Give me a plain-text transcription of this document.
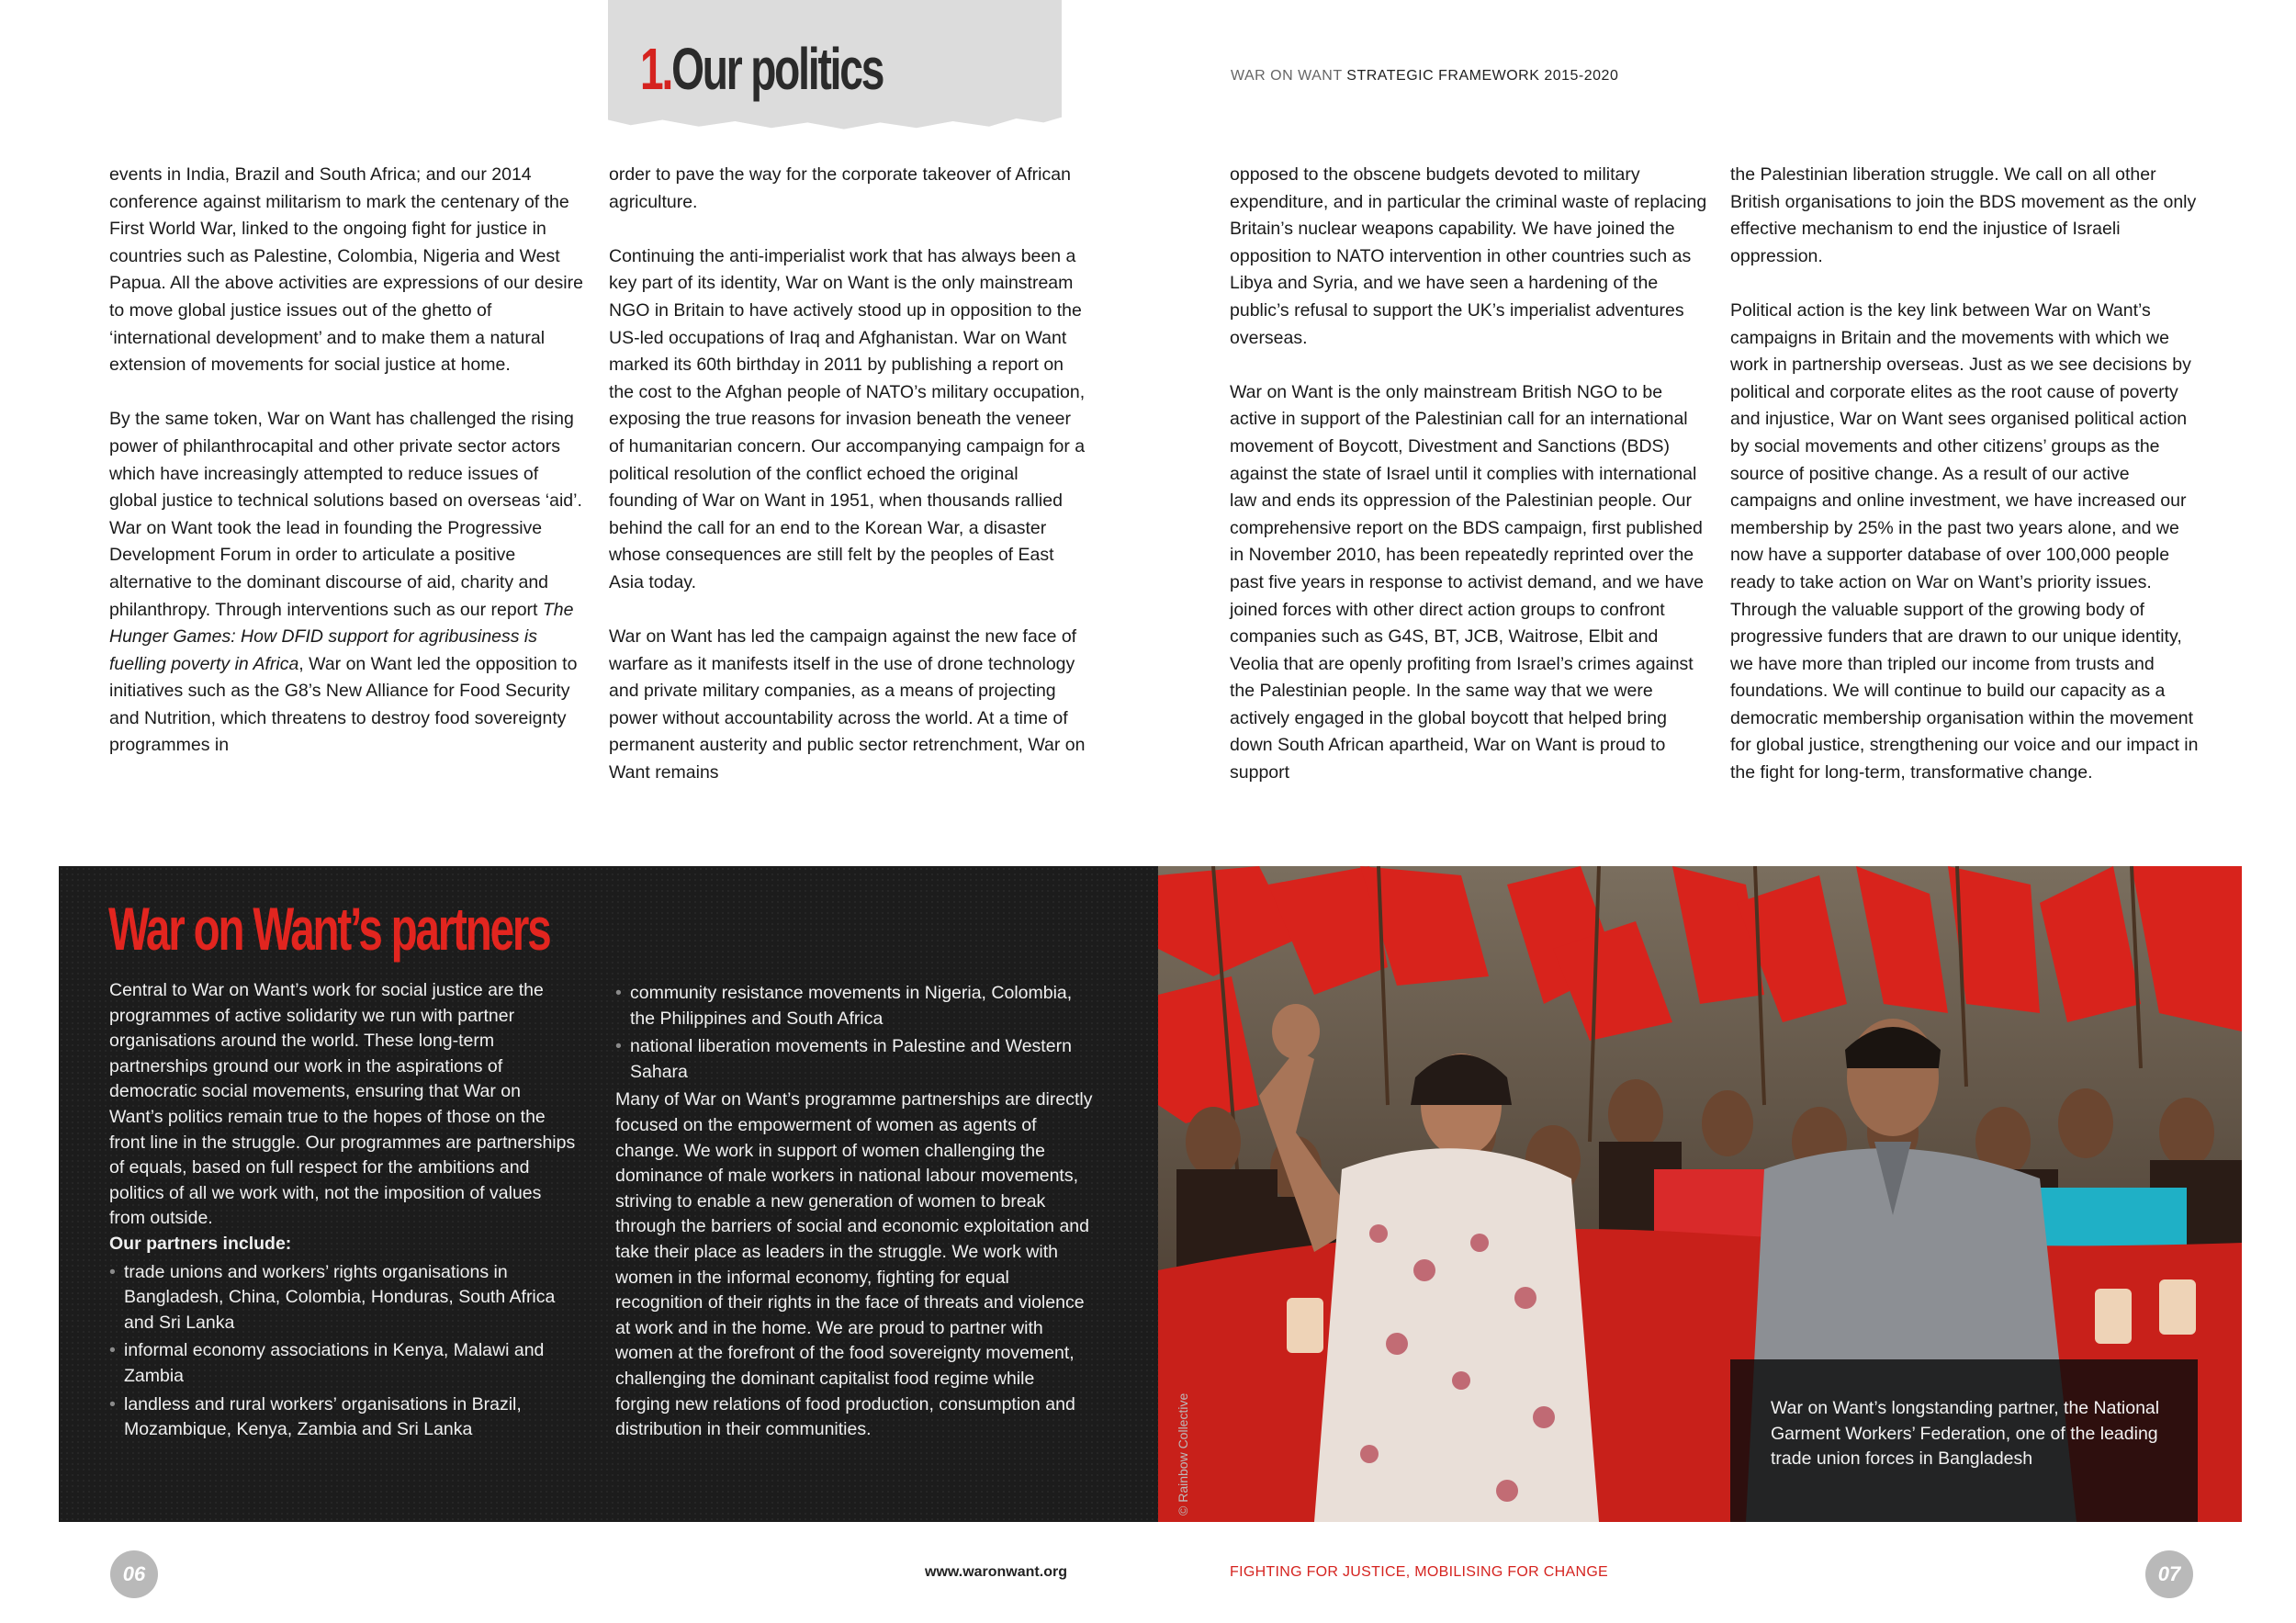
1.Our politics	WAR ON WANT STRATEGIC FRAMEWORK 2015-2020

events in India, Brazil and South Africa; and our 2014 conference against militarism to mark the centenary of the First World War, linked to the ongoing fight for justice in countries such as Palestine, Colombia, Nigeria and West Papua. All the above activities are expressions of our desire to move global justice issues out of the ghetto of ‘international development’ and to make them a natural extension of movements for social justice at home.

By the same token, War on Want has challenged the rising power of philanthrocapital and other private sector actors which have increasingly attempted to reduce issues of global justice to technical solutions based on overseas ‘aid’. War on Want took the lead in founding the Progressive Development Forum in order to articulate a positive alternative to the dominant discourse of aid, charity and philanthropy. Through interventions such as our report The Hunger Games: How DFID support for agribusiness is fuelling poverty in Africa, War on Want led the opposition to initiatives such as the G8’s New Alliance for Food Security and Nutrition, which threatens to destroy food sovereignty programmes in

order to pave the way for the corporate takeover of African agriculture.

Continuing the anti-imperialist work that has always been a key part of its identity, War on Want is the only mainstream NGO in Britain to have actively stood up in opposition to the US-led occupations of Iraq and Afghanistan. War on Want marked its 60th birthday in 2011 by publishing a report on the cost to the Afghan people of NATO’s military occupation, exposing the true reasons for invasion beneath the veneer of humanitarian concern. Our accompanying campaign for a political resolution of the conflict echoed the original founding of War on Want in 1951, when thousands rallied behind the call for an end to the Korean War, a disaster whose consequences are still felt by the peoples of East Asia today.

War on Want has led the campaign against the new face of warfare as it manifests itself in the use of drone technology and private military companies, as a means of projecting power without accountability across the world. At a time of permanent austerity and public sector retrenchment, War on Want remains

opposed to the obscene budgets devoted to military expenditure, and in particular the criminal waste of replacing Britain’s nuclear weapons capability. We have joined the opposition to NATO intervention in other countries such as Libya and Syria, and we have seen a hardening of the public’s refusal to support the UK’s imperialist adventures overseas.

War on Want is the only mainstream British NGO to be active in support of the Palestinian call for an international movement of Boycott, Divestment and Sanctions (BDS) against the state of Israel until it complies with international law and ends its oppression of the Palestinian people. Our comprehensive report on the BDS campaign, first published in November 2010, has been repeatedly reprinted over the past five years in response to activist demand, and we have joined forces with other direct action groups to confront companies such as G4S, BT, JCB, Waitrose, Elbit and Veolia that are openly profiting from Israel’s crimes against the Palestinian people. In the same way that we were actively engaged in the global boycott that helped bring down South African apartheid, War on Want is proud to support

the Palestinian liberation struggle. We call on all other British organisations to join the BDS movement as the only effective mechanism to end the injustice of Israeli oppression.

Political action is the key link between War on Want’s campaigns in Britain and the movements with which we work in partnership overseas. Just as we see decisions by political and corporate elites as the root cause of poverty and injustice, War on Want sees organised political action by social movements and other citizens’ groups as the source of positive change. As a result of our active campaigns and online investment, we have increased our membership by 25% in the past two years alone, and we now have a supporter database of over 100,000 people ready to take action on War on Want’s priority issues. Through the valuable support of the growing body of progressive funders that are drawn to our unique identity, we have more than tripled our income from trusts and foundations. We will continue to build our capacity as a democratic membership organisation within the movement for global justice, strengthening our voice and our impact in the fight for long-term, transformative change.

War on Want’s partners

Central to War on Want’s work for social justice are the programmes of active solidarity we run with partner organisations around the world. These long-term partnerships ground our work in the aspirations of democratic social movements, ensuring that War on Want’s politics remain true to the hopes of those on the front line in the struggle. Our programmes are partnerships of equals, based on full respect for the ambitions and politics of all we work with, not the imposition of values from outside.

Our partners include:

• trade unions and workers’ rights organisations in Bangladesh, China, Colombia, Honduras, South Africa and Sri Lanka
• informal economy associations in Kenya, Malawi and Zambia
• landless and rural workers’ organisations in Brazil, Mozambique, Kenya, Zambia and Sri Lanka
• community resistance movements in Nigeria, Colombia, the Philippines and South Africa
• national liberation movements in Palestine and Western Sahara

Many of War on Want’s programme partnerships are directly focused on the empowerment of women as agents of change. We work in support of women challenging the dominance of male workers in national labour movements, striving to enable a new generation of women to break through the barriers of social and economic exploitation and take their place as leaders in the struggle. We work with women in the informal economy, fighting for equal recognition of their rights in the face of threats and violence at work and in the home. We are proud to partner with women at the forefront of the food sovereignty movement, challenging the dominant capitalist food regime while forging new relations of food production, consumption and distribution in their communities.

War on Want’s longstanding partner, the National Garment Workers’ Federation, one of the leading trade union forces in Bangladesh
© Rainbow Collective
06	www.waronwant.org	FIGHTING FOR JUSTICE, MOBILISING FOR CHANGE	07
